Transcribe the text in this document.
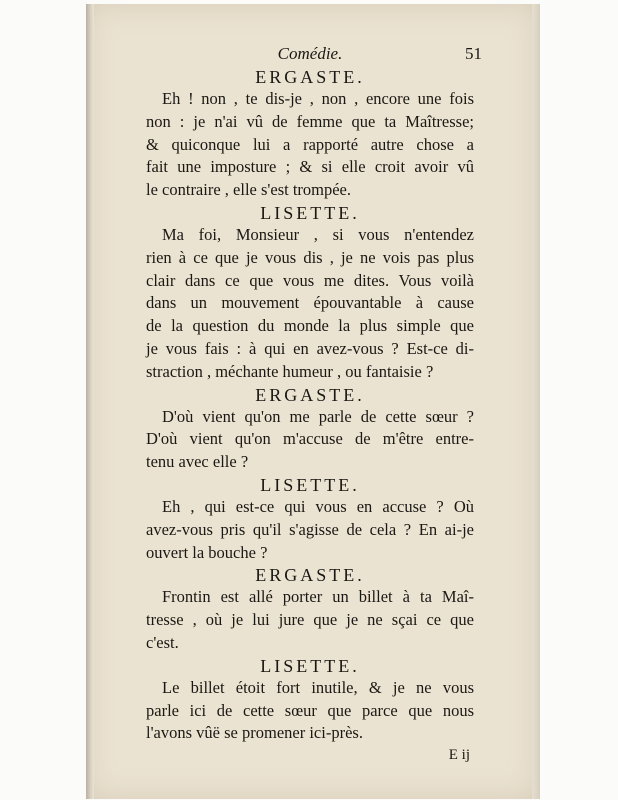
Comédie.	51
ERGASTE.

Eh ! non , te dis-je , non , encore une fois

non : je n'ai vû de femme que ta Maîtresse;

& quiconque lui a rapporté autre chose a

fait une imposture ; & si elle croit avoir vû

le contraire , elle s'est trompée.

LISETTE.

Ma foi, Monsieur , si vous n'entendez

rien à ce que je vous dis , je ne vois pas plus

clair dans ce que vous me dites. Vous voilà

dans un mouvement épouvantable à cause

de la question du monde la plus simple que

je vous fais : à qui en avez-vous ? Est-ce di-

straction , méchante humeur , ou fantaisie ?

ERGASTE.

D'où vient qu'on me parle de cette sœur ?

D'où vient qu'on m'accuse de m'être entre-

tenu avec elle ?

LISETTE.

Eh , qui est-ce qui vous en accuse ? Où

avez-vous pris qu'il s'agisse de cela ? En ai-je

ouvert la bouche ?

ERGASTE.

Frontin est allé porter un billet à ta Maî-

tresse , où je lui jure que je ne sçai ce que

c'est.

LISETTE.

Le billet étoit fort inutile, & je ne vous

parle ici de cette sœur que parce que nous

l'avons vûë se promener ici-près.

E ij
